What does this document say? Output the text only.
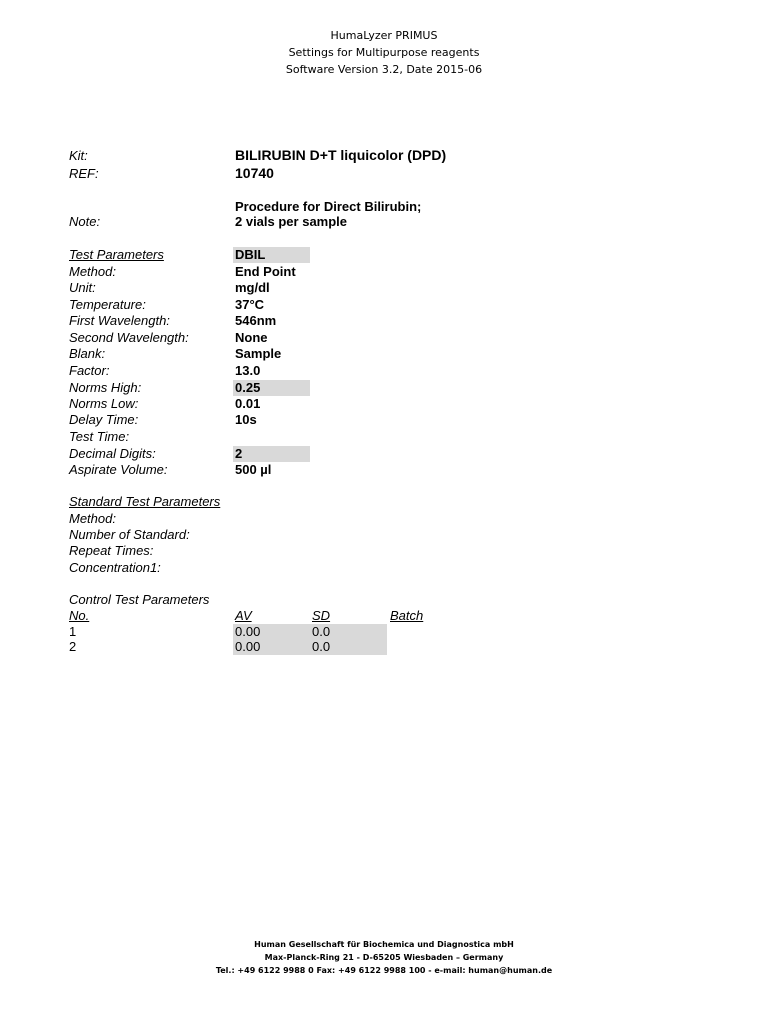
HumaLyzer PRIMUS
Settings for Multipurpose reagents
Software Version 3.2, Date 2015-06
Kit:	BILIRUBIN D+T liquicolor (DPD)
REF:	10740
Procedure for Direct Bilirubin;
Note:	2 vials per sample
Test Parameters	DBIL
Method:	End Point
Unit:	mg/dl
Temperature:	37°C
First Wavelength:	546nm
Second Wavelength:	None
Blank:	Sample
Factor:	13.0
Norms High:	0.25
Norms Low:	0.01
Delay Time:	10s
Test Time:
Decimal Digits:	2
Aspirate Volume:	500 µl
Standard Test Parameters
Method:
Number of Standard:
Repeat Times:
Concentration1:
Control Test Parameters
No.	AV	SD	Batch
1	0.00	0.0
2	0.00	0.0
Human Gesellschaft für Biochemica und Diagnostica mbH
Max-Planck-Ring 21 - D-65205 Wiesbaden – Germany
Tel.: +49 6122 9988 0 Fax: +49 6122 9988 100 - e-mail: human@human.de
